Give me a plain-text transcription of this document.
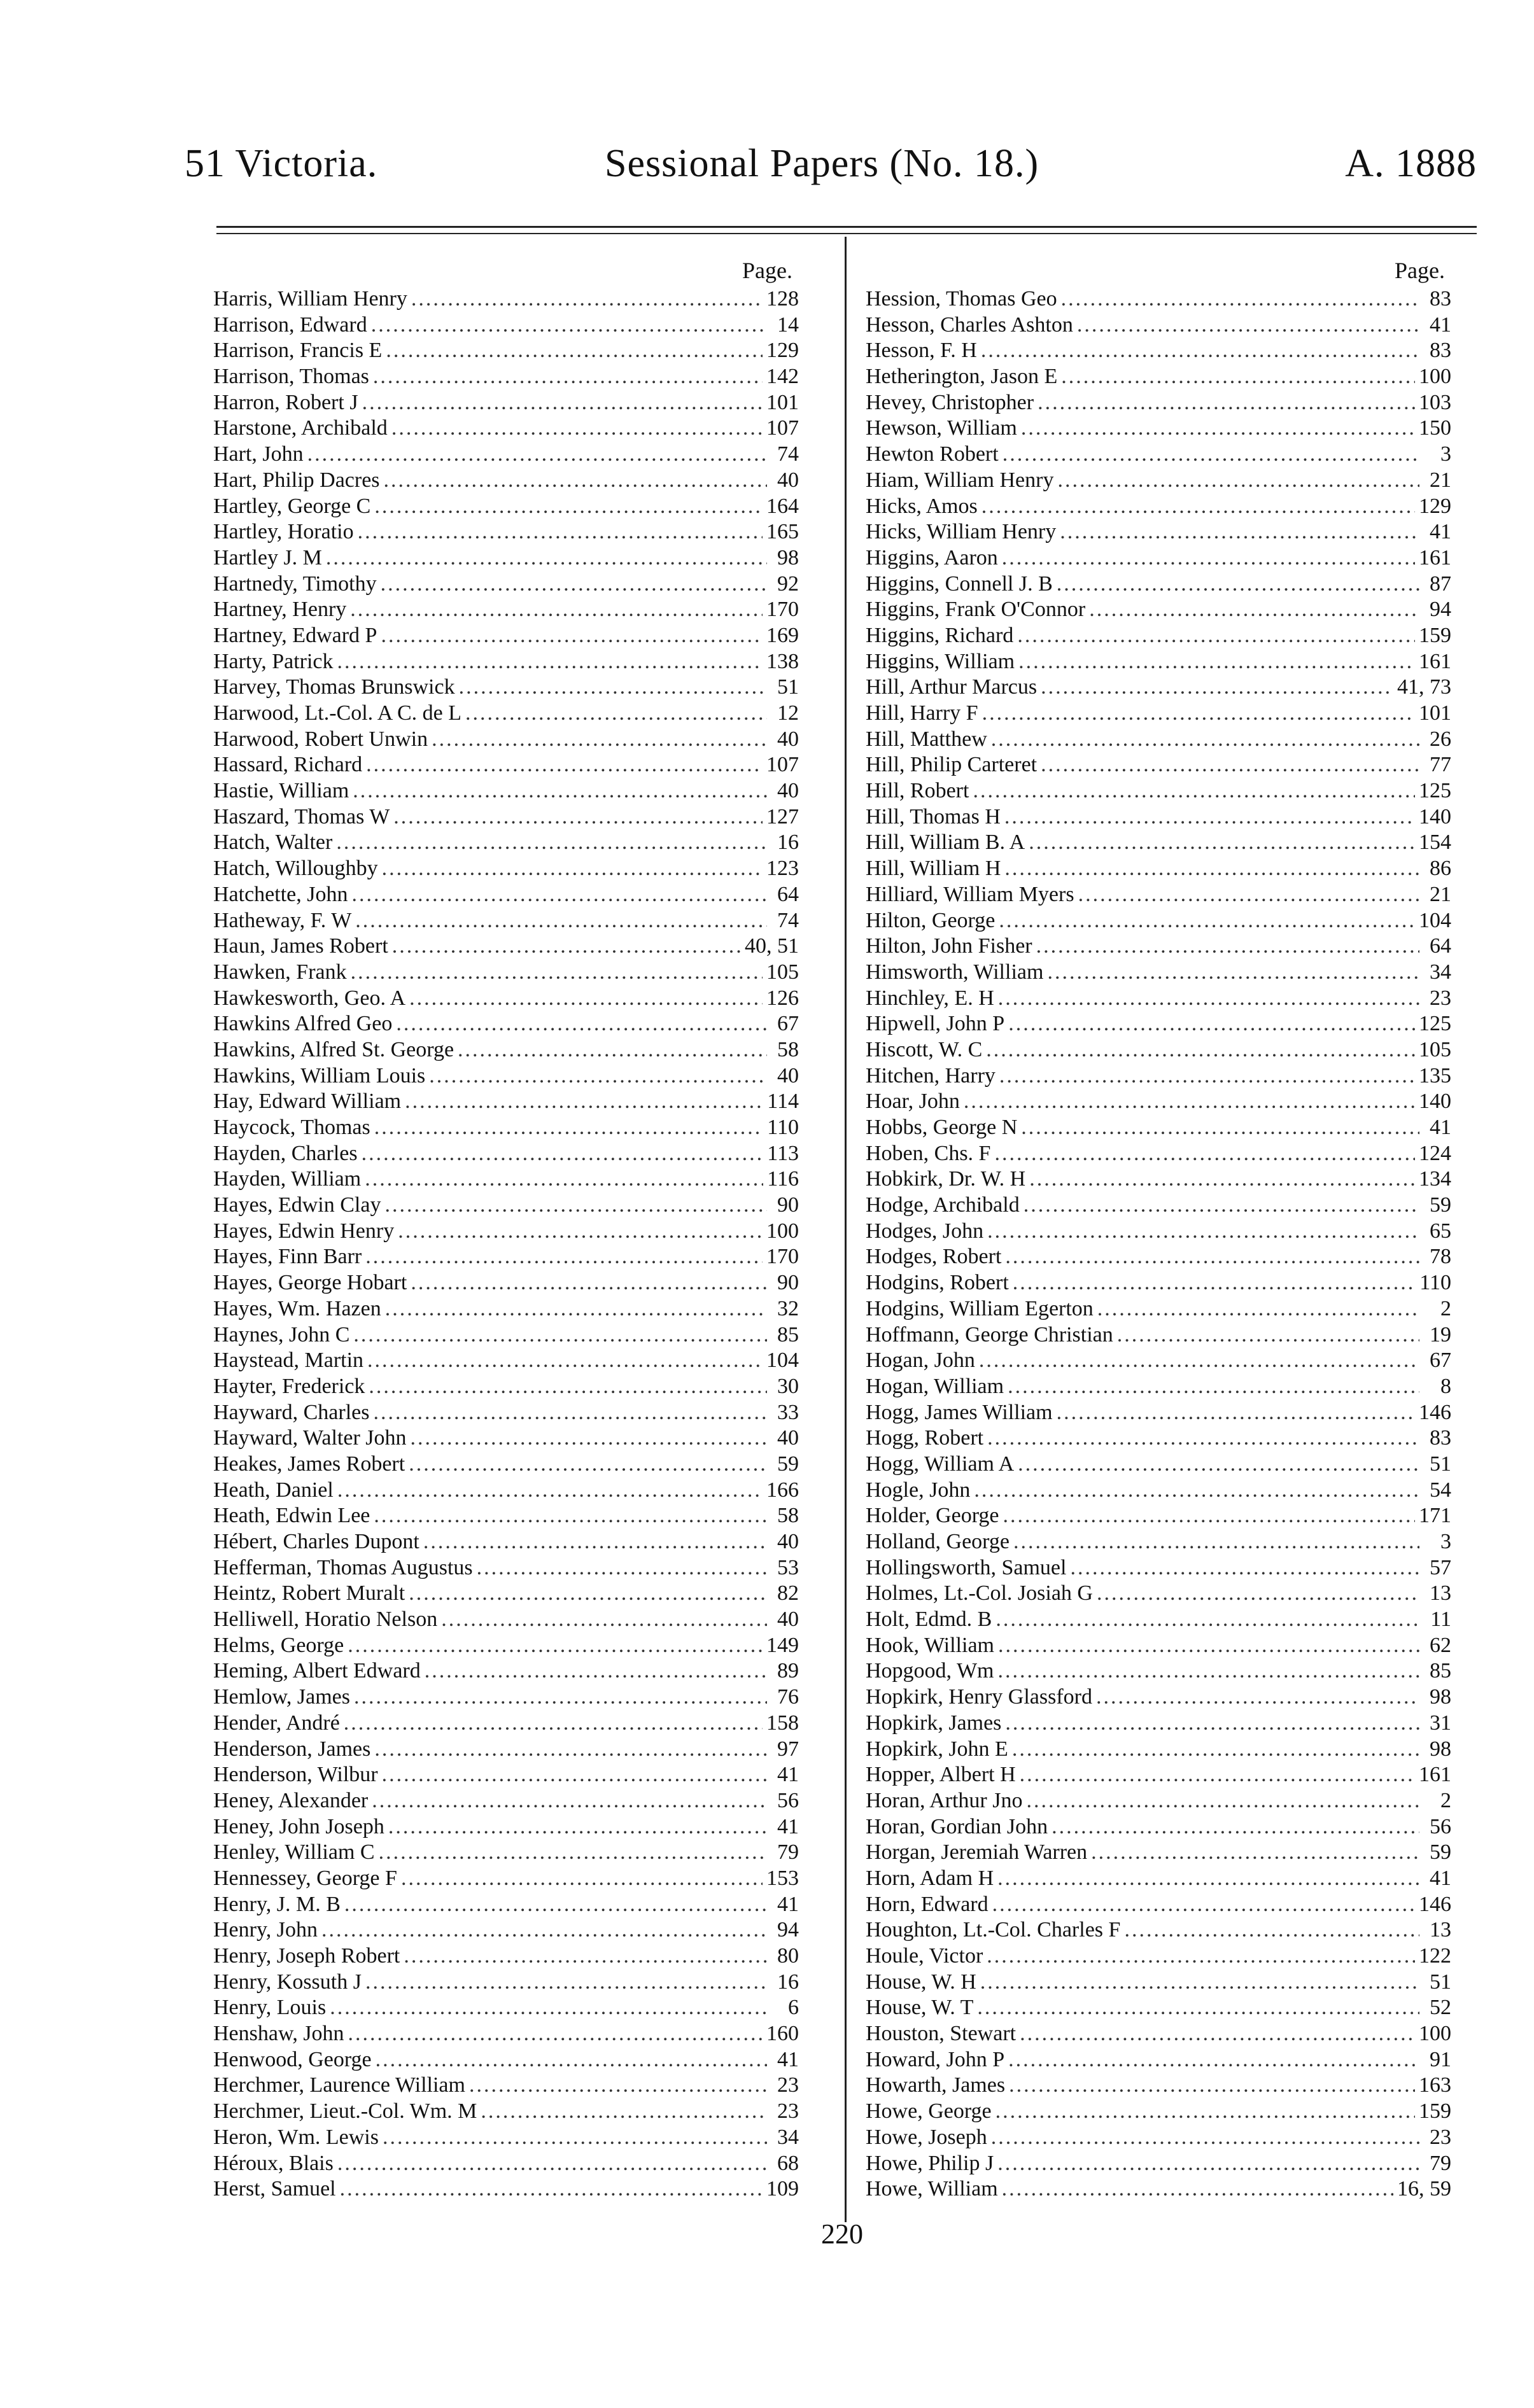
51 Victoria.	Sessional Papers (No. 18.)	A. 1888
Page.
Harris, William Henry .....	128
Harrison, Edward .....	14
Harrison, Francis E .....	129
Harrison, Thomas .....	142
Harron, Robert J .....	101
Harstone, Archibald .....	107
Hart, John .....	74
Hart, Philip Dacres .....	40
Hartley, George C .....	164
Hartley, Horatio .....	165
Hartley J. M .....	98
Hartnedy, Timothy .....	92
Hartney, Henry .....	170
Hartney, Edward P .....	169
Harty, Patrick .....	138
Harvey, Thomas Brunswick .....	51
Harwood, Lt.-Col. A C. de L .....	12
Harwood, Robert Unwin .....	40
Hassard, Richard .....	107
Hastie, William .....	40
Haszard, Thomas W .....	127
Hatch, Walter .....	16
Hatch, Willoughby .....	123
Hatchette, John .....	64
Hatheway, F. W .....	74
Haun, James Robert .....	40, 51
Hawken, Frank .....	105
Hawkesworth, Geo. A .....	126
Hawkins Alfred Geo .....	67
Hawkins, Alfred St. George .....	58
Hawkins, William Louis .....	40
Hay, Edward William .....	114
Haycock, Thomas .....	110
Hayden, Charles .....	113
Hayden, William .....	116
Hayes, Edwin Clay .....	90
Hayes, Edwin Henry .....	100
Hayes, Finn Barr .....	170
Hayes, George Hobart .....	90
Hayes, Wm. Hazen .....	32
Haynes, John C .....	85
Haystead, Martin .....	104
Hayter, Frederick .....	30
Hayward, Charles .....	33
Hayward, Walter John .....	40
Heakes, James Robert .....	59
Heath, Daniel .....	166
Heath, Edwin Lee .....	58
Hébert, Charles Dupont .....	40
Hefferman, Thomas Augustus .....	53
Heintz, Robert Muralt .....	82
Helliwell, Horatio Nelson .....	40
Helms, George .....	149
Heming, Albert Edward .....	89
Hemlow, James .....	76
Hender, André .....	158
Henderson, James .....	97
Henderson, Wilbur .....	41
Heney, Alexander .....	56
Heney, John Joseph .....	41
Henley, William C .....	79
Hennessey, George F .....	153
Henry, J. M. B .....	41
Henry, John .....	94
Henry, Joseph Robert .....	80
Henry, Kossuth J .....	16
Henry, Louis .....	6
Henshaw, John .....	160
Henwood, George .....	41
Herchmer, Laurence William .....	23
Herchmer, Lieut.-Col. Wm. M .....	23
Heron, Wm. Lewis .....	34
Héroux, Blais .....	68
Herst, Samuel .....	109
Page.
Hession, Thomas Geo .....	83
Hesson, Charles Ashton .....	41
Hesson, F. H .....	83
Hetherington, Jason E .....	100
Hevey, Christopher .....	103
Hewson, William .....	150
Hewton Robert .....	3
Hiam, William Henry .....	21
Hicks, Amos .....	129
Hicks, William Henry .....	41
Higgins, Aaron .....	161
Higgins, Connell J. B .....	87
Higgins, Frank O'Connor .....	94
Higgins, Richard .....	159
Higgins, William .....	161
Hill, Arthur Marcus .....	41, 73
Hill, Harry F .....	101
Hill, Matthew .....	26
Hill, Philip Carteret .....	77
Hill, Robert .....	125
Hill, Thomas H .....	140
Hill, William B. A .....	154
Hill, William H .....	86
Hilliard, William Myers .....	21
Hilton, George .....	104
Hilton, John Fisher .....	64
Himsworth, William .....	34
Hinchley, E. H .....	23
Hipwell, John P .....	125
Hiscott, W. C .....	105
Hitchen, Harry .....	135
Hoar, John .....	140
Hobbs, George N .....	41
Hoben, Chs. F .....	124
Hobkirk, Dr. W. H .....	134
Hodge, Archibald .....	59
Hodges, John .....	65
Hodges, Robert .....	78
Hodgins, Robert .....	110
Hodgins, William Egerton .....	2
Hoffmann, George Christian .....	19
Hogan, John .....	67
Hogan, William .....	8
Hogg, James William .....	146
Hogg, Robert .....	83
Hogg, William A .....	51
Hogle, John .....	54
Holder, George .....	171
Holland, George .....	3
Hollingsworth, Samuel .....	57
Holmes, Lt.-Col. Josiah G .....	13
Holt, Edmd. B .....	11
Hook, William .....	62
Hopgood, Wm .....	85
Hopkirk, Henry Glassford .....	98
Hopkirk, James .....	31
Hopkirk, John E .....	98
Hopper, Albert H .....	161
Horan, Arthur Jno .....	2
Horan, Gordian John .....	56
Horgan, Jeremiah Warren .....	59
Horn, Adam H .....	41
Horn, Edward .....	146
Houghton, Lt.-Col. Charles F .....	13
Houle, Victor .....	122
House, W. H .....	51
House, W. T .....	52
Houston, Stewart .....	100
Howard, John P .....	91
Howarth, James .....	163
Howe, George .....	159
Howe, Joseph .....	23
Howe, Philip J .....	79
Howe, William .....	16, 59
220
